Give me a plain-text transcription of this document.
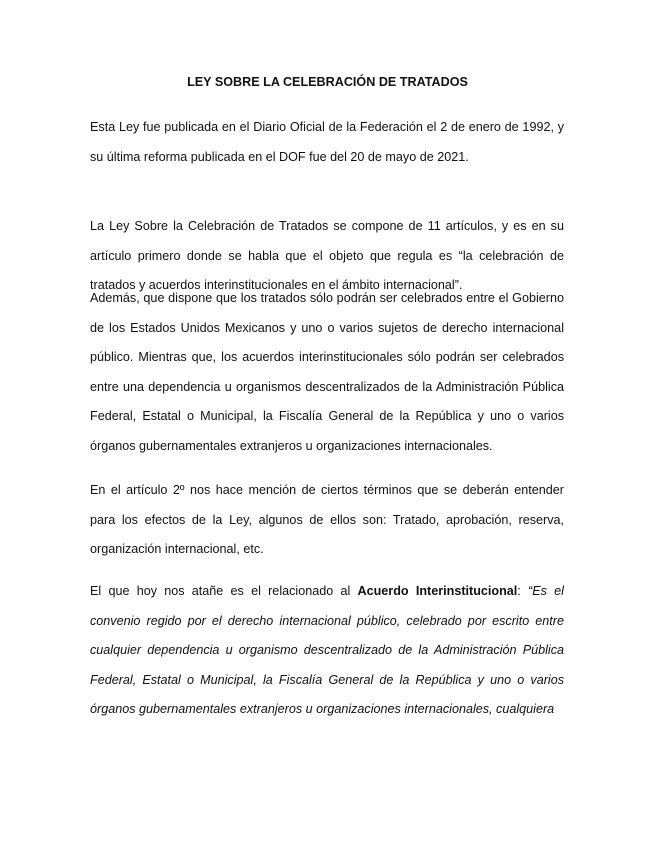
LEY SOBRE LA CELEBRACIÓN DE TRATADOS

Esta Ley fue publicada en el Diario Oficial de la Federación el 2 de enero de 1992, y su última reforma publicada en el DOF fue del 20 de mayo de 2021.

La Ley Sobre la Celebración de Tratados se compone de 11 artículos, y es en su artículo primero donde se habla que el objeto que regula es “la celebración de tratados y acuerdos interinstitucionales en el ámbito internacional”.

Además, que dispone que los tratados sólo podrán ser celebrados entre el Gobierno de los Estados Unidos Mexicanos y uno o varios sujetos de derecho internacional público. Mientras que, los acuerdos interinstitucionales sólo podrán ser celebrados entre una dependencia u organismos descentralizados de la Administración Pública Federal, Estatal o Municipal, la Fiscalía General de la República y uno o varios órganos gubernamentales extranjeros u organizaciones internacionales.

En el artículo 2º nos hace mención de ciertos términos que se deberán entender para los efectos de la Ley, algunos de ellos son: Tratado, aprobación, reserva, organización internacional, etc.

El que hoy nos atañe es el relacionado al Acuerdo Interinstitucional: “Es el convenio regido por el derecho internacional público, celebrado por escrito entre cualquier dependencia u organismo descentralizado de la Administración Pública Federal, Estatal o Municipal, la Fiscalía General de la República y uno o varios órganos gubernamentales extranjeros u organizaciones internacionales, cualquiera
